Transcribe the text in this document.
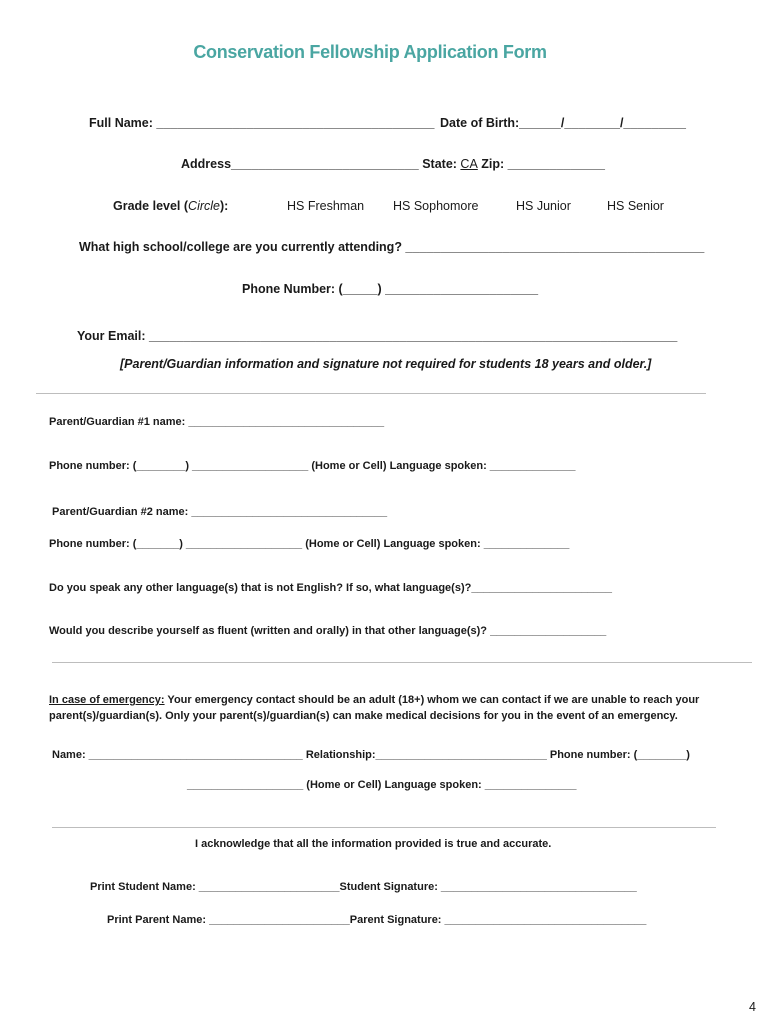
Conservation Fellowship Application Form
Full Name: ________________________________________ Date of Birth:______/________/_________
Address___________________________ State: CA Zip: ______________
Grade level (Circle):	HS Freshman HS Sophomore	HS Junior	HS Senior
What high school/college are you currently attending? ___________________________________________
Phone Number: (_____) ______________________
Your Email: ____________________________________________________________________________
[Parent/Guardian information and signature not required for students 18 years and older.]
Parent/Guardian #1 name: ________________________________
Phone number: (________) ___________________ (Home or Cell) Language spoken: ______________
Parent/Guardian #2 name: ________________________________
Phone number: (_______) ___________________ (Home or Cell) Language spoken: ______________
Do you speak any other language(s) that is not English? If so, what language(s)?_______________________
Would you describe yourself as fluent (written and orally) in that other language(s)? ___________________
In case of emergency: Your emergency contact should be an adult (18+) whom we can contact if we are unable to reach your parent(s)/guardian(s). Only your parent(s)/guardian(s) can make medical decisions for you in the event of an emergency.
Name: ___________________________________ Relationship:____________________________ Phone number: (________)
___________________ (Home or Cell) Language spoken: _______________
I acknowledge that all the information provided is true and accurate.
Print Student Name: _______________________Student Signature: ________________________________
Print Parent Name: _______________________Parent Signature: _________________________________
4
